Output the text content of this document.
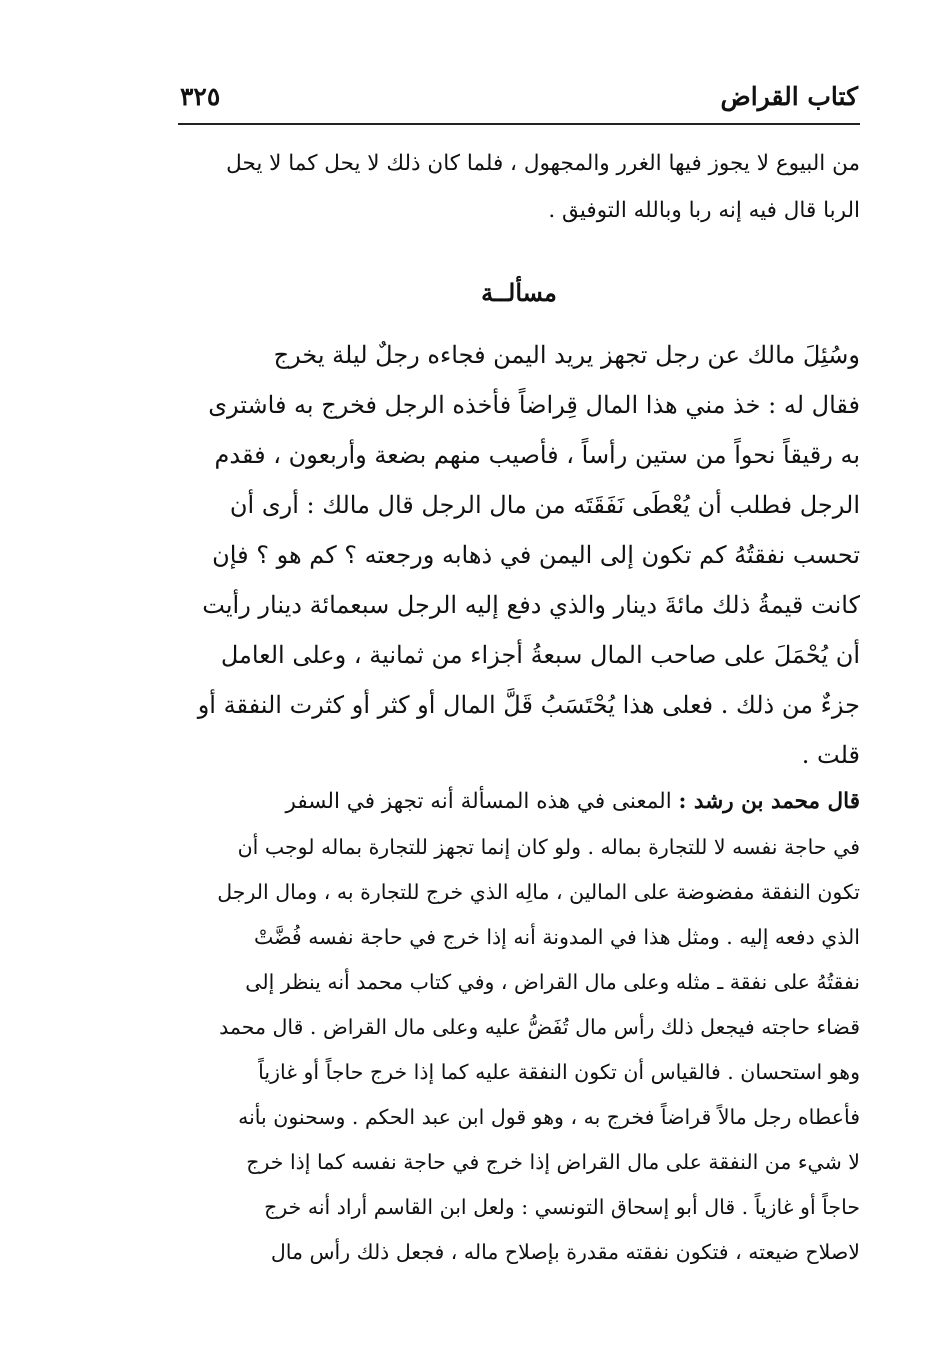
كتاب القراض
٣٢٥
من البيوع لا يجوز فيها الغرر والمجهول ، فلما كان ذلك لا يحل كما لا يحل
الربا قال فيه إنه ربا وبالله التوفيق .
مسألــة
وسُئِلَ مالك عن رجل تجهز يريد اليمن فجاءه رجلٌ ليلة يخرج
فقال له : خذ مني هذا المال قِراضاً فأخذه الرجل فخرج به فاشترى
به رقيقاً نحواً من ستين رأساً ، فأصيب منهم بضعة وأربعون ، فقدم
الرجل فطلب أن يُعْطَى نَفَقَتَه من مال الرجل قال مالك : أرى أن
تحسب نفقتُهُ كم تكون إلى اليمن في ذهابه ورجعته ؟ كم هو ؟ فإن
كانت قيمةُ ذلك مائةَ دينار والذي دفع إليه الرجل سبعمائة دينار رأيت
أن يُحْمَلَ على صاحب المال سبعةُ أجزاء من ثمانية ، وعلى العامل
جزءٌ من ذلك . فعلى هذا يُحْتَسَبُ قَلَّ المال أو كثر أو كثرت النفقة أو
قلت .
قال محمد بن رشد : المعنى في هذه المسألة أنه تجهز في السفر
في حاجة نفسه لا للتجارة بماله . ولو كان إنما تجهز للتجارة بماله لوجب أن
تكون النفقة مفضوضة على المالين ، مالِه الذي خرج للتجارة به ، ومال الرجل
الذي دفعه إليه . ومثل هذا في المدونة أنه إذا خرج في حاجة نفسه فُضَّتْ
نفقتُهُ على نفقة ـ مثله وعلى مال القراض ، وفي كتاب محمد أنه ينظر إلى
قضاء حاجته فيجعل ذلك رأس مال تُفَضُّ عليه وعلى مال القراض . قال محمد
وهو استحسان . فالقياس أن تكون النفقة عليه كما إذا خرج حاجاً أو غازياً
فأعطاه رجل مالاً قراضاً فخرج به ، وهو قول ابن عبد الحكم . وسحنون بأنه
لا شيء من النفقة على مال القراض إذا خرج في حاجة نفسه كما إذا خرج
حاجاً أو غازياً . قال أبو إسحاق التونسي : ولعل ابن القاسم أراد أنه خرج
لاصلاح ضيعته ، فتكون نفقته مقدرة بإصلاح ماله ، فجعل ذلك رأس مال
